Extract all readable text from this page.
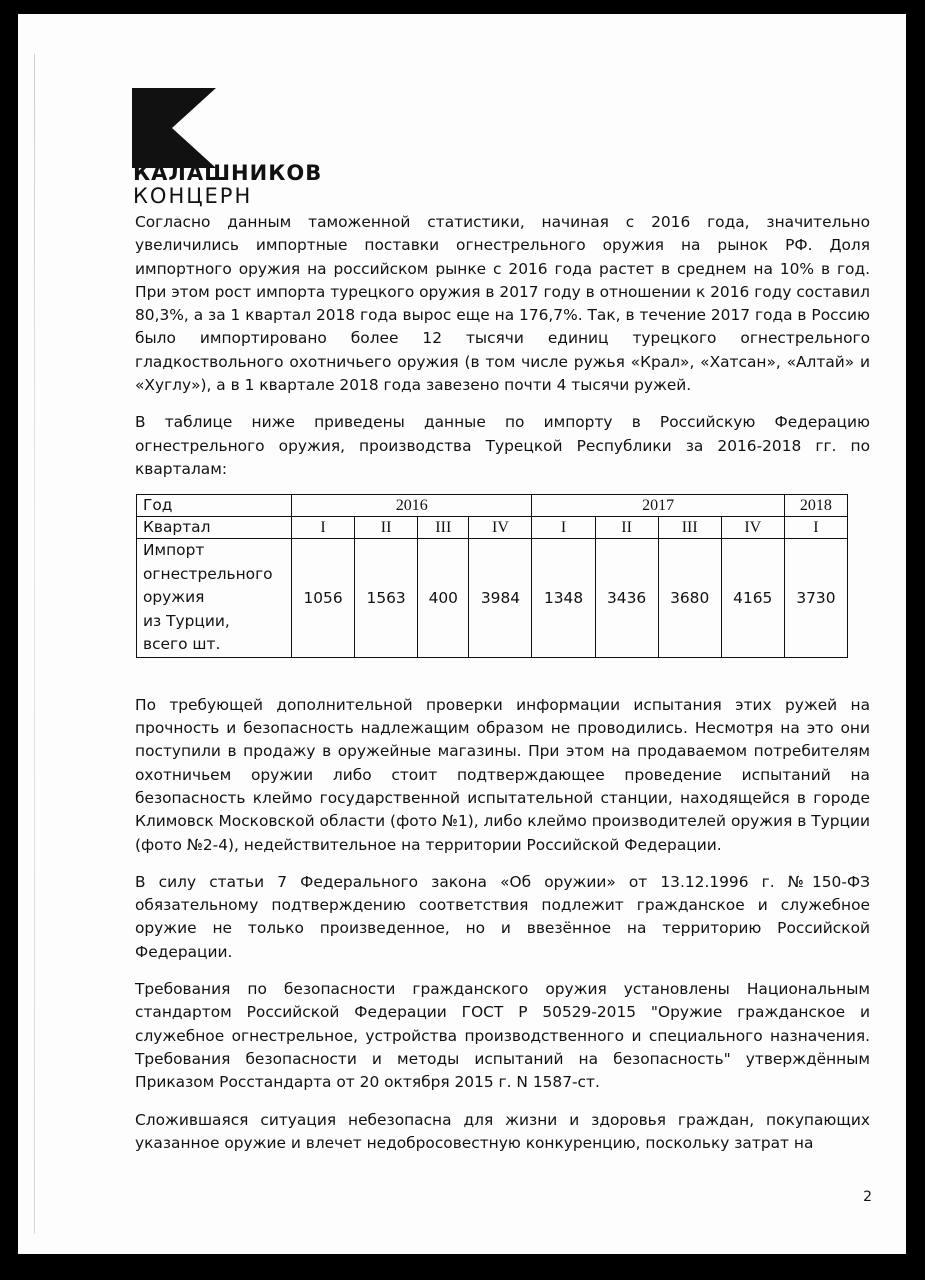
КАЛАШНИКОВ
КОНЦЕРН

Согласно данным таможенной статистики, начиная с 2016 года, значительно увеличились импортные поставки огнестрельного оружия на рынок РФ. Доля импортного оружия на российском рынке с 2016 года растет в среднем на 10% в год. При этом рост импорта турецкого оружия в 2017 году в отношении к 2016 году составил 80,3%, а за 1 квартал 2018 года вырос еще на 176,7%. Так, в течение 2017 года в Россию было импортировано более 12 тысячи единиц турецкого огнестрельного гладкоствольного охотничьего оружия (в том числе ружья «Крал», «Хатсан», «Алтай» и «Хуглу»), а в 1 квартале 2018 года завезено почти 4 тысячи ружей.

В таблице ниже приведены данные по импорту в Российскую Федерацию огнестрельного оружия, производства Турецкой Республики за 2016-2018 гг. по кварталам:

Год	2016				2017				2018
Квартал	I	II	III	IV	I	II	III	IV	I

Импорт
огнестрельного
оружия
из Турции,
всего шт.	1056	1563	400	3984	1348	3436	3680	4165	3730

По требующей дополнительной проверки информации испытания этих ружей на прочность и безопасность надлежащим образом не проводились. Несмотря на это они поступили в продажу в оружейные магазины. При этом на продаваемом потребителям охотничьем оружии либо стоит подтверждающее проведение испытаний на безопасность клеймо государственной испытательной станции, находящейся в городе Климовск Московской области (фото №1), либо клеймо производителей оружия в Турции (фото №2-4), недействительное на территории Российской Федерации.

В силу статьи 7 Федерального закона «Об оружии» от 13.12.1996 г. №150-ФЗ обязательному подтверждению соответствия подлежит гражданское и служебное оружие не только произведенное, но и ввезённое на территорию Российской Федерации.

Требования по безопасности гражданского оружия установлены Национальным стандартом Российской Федерации ГОСТ Р 50529-2015 "Оружие гражданское и служебное огнестрельное, устройства производственного и специального назначения. Требования безопасности и методы испытаний на безопасность" утверждённым Приказом Росстандарта от 20 октября 2015 г. N 1587-ст.

Сложившаяся ситуация небезопасна для жизни и здоровья граждан, покупающих указанное оружие и влечет недобросовестную конкуренцию, поскольку затрат на

2
